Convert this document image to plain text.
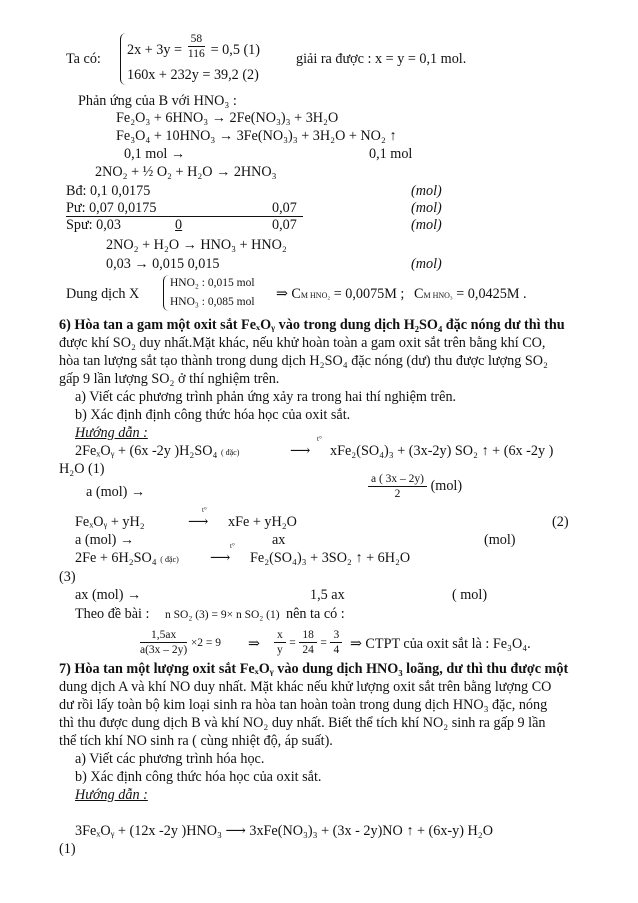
Ta có:
$2x + 3y = \frac{58}{116} = 0,5$ (1)
160x + 232y = 39,2 (2)
giải ra được : x = y = 0,1 mol.
Phản ứng của B với HNO₃ :
Fe₂O₃ + 6HNO₃ → 2Fe(NO₃)₃ + 3H₂O
Fe₃O₄ + 10HNO₃ → 3Fe(NO₃)₃ + 3H₂O + NO₂ ↑
0,1 mol →	0,1 mol
2NO₂ + ½ O₂ + H₂O → 2HNO₃
Bđ: 0,1 0,0175	(mol)
Pư: 0,07 0,0175	0,07	(mol)
Spư: 0,03	0	0,07	(mol)
2NO₂ + H₂O → HNO₃ + HNO₂
0,03 → 0,015 0,015	(mol)
Dung dịch X
HNO₂ : 0,015 mol
HNO₃ : 0,085 mol ⇒ CM HNO₂ = 0,0075M ; CM HNO₃ = 0,0425M .
6) Hòa tan a gam một oxit sắt FeₓOᵧ vào trong dung dịch H₂SO₄ đặc nóng dư thì thu
được khí SO₂ duy nhất.Mặt khác, nếu khử hoàn toàn a gam oxit sắt trên bằng khí CO,
hòa tan lượng sắt tạo thành trong dung dịch H₂SO₄ đặc nóng (dư) thu được lượng SO₂
gấp 9 lần lượng SO₂ ở thí nghiệm trên.
a) Viết các phương trình phản ứng xảy ra trong hai thí nghiệm trên.
b) Xác định định công thức hóa học của oxit sắt.
Hướng dẫn :
2FeₓOᵧ + (6x -2y )H₂SO₄ ( đặc)
t°
⟶ xFe₂(SO₄)₃ + (3x-2y) SO₂ ↑ + (6x -2y )
H₂O (1)
a (mol) →	$\frac{a ( 3x - 2y)}{2} (mol)$
FeₓOᵧ + yH₂
t°
⟶ xFe + yH₂O	(2)
a (mol) →	ax	(mol)
2Fe + 6H₂SO₄ ( đặc)
t°
⟶ Fe₂(SO₄)₃ + 3SO₂ ↑ + 6H₂O
(3)
ax (mol) →	1,5 ax	( mol)
Theo đề bài : n SO₂ (3) = 9× n SO₂ (1) nên ta có :
$\frac{1,5ax}{a(3x - 2y)} \times 2 = 9$ ⇒ $\frac{x}{y} = \frac{18}{24} = \frac{3}{4}$ ⇒ CTPT của oxit sắt là : Fe₃O₄.
7) Hòa tan một lượng oxit sắt FeₓOᵧ vào dung dịch HNO₃ loãng, dư thì thu được một
dung dịch A và khí NO duy nhất. Mặt khác nếu khử lượng oxit sắt trên bằng lượng CO
dư rồi lấy toàn bộ kim loại sinh ra hòa tan hoàn toàn trong dung dịch HNO₃ đặc, nóng
thì thu được dung dịch B và khí NO₂ duy nhất. Biết thể tích khí NO₂ sinh ra gấp 9 lần
thể tích khí NO sinh ra ( cùng nhiệt độ, áp suất).
a) Viết các phương trình hóa học.
b) Xác định công thức hóa học của oxit sắt.
Hướng dẫn :
3FeₓOᵧ + (12x -2y )HNO₃ ⟶ 3xFe(NO₃)₃ + (3x - 2y)NO ↑ + (6x-y) H₂O
(1)
